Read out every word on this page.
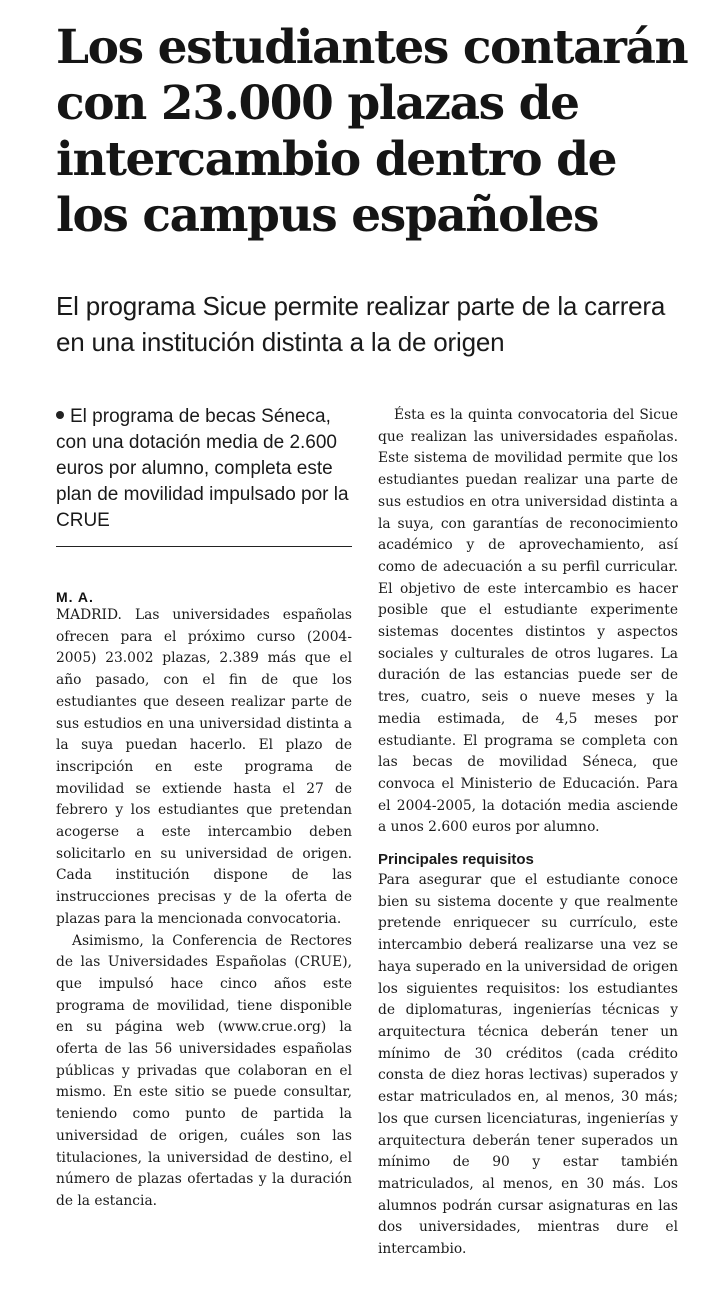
Los estudiantes contarán con 23.000 plazas de intercambio dentro de los campus españoles
El programa Sicue permite realizar parte de la carrera en una institución distinta a la de origen

El programa de becas Séneca, con una dotación media de 2.600 euros por alumno, completa este plan de movilidad impulsado por la CRUE

M. A.

MADRID. Las universidades españolas ofrecen para el próximo curso (2004-2005) 23.002 plazas, 2.389 más que el año pasado, con el fin de que los estudiantes que deseen realizar parte de sus estudios en una universidad distinta a la suya puedan hacerlo. El plazo de inscripción en este programa de movilidad se extiende hasta el 27 de febrero y los estudiantes que pretendan acogerse a este intercambio deben solicitarlo en su universidad de origen. Cada institución dispone de las instrucciones precisas y de la oferta de plazas para la mencionada convocatoria.

Asimismo, la Conferencia de Rectores de las Universidades Españolas (CRUE), que impulsó hace cinco años este programa de movilidad, tiene disponible en su página web (www.crue.org) la oferta de las 56 universidades españolas públicas y privadas que colaboran en el mismo. En este sitio se puede consultar, teniendo como punto de partida la universidad de origen, cuáles son las titulaciones, la universidad de destino, el número de plazas ofertadas y la duración de la estancia.

Ésta es la quinta convocatoria del Sicue que realizan las universidades españolas. Este sistema de movilidad permite que los estudiantes puedan realizar una parte de sus estudios en otra universidad distinta a la suya, con garantías de reconocimiento académico y de aprovechamiento, así como de adecuación a su perfil curricular. El objetivo de este intercambio es hacer posible que el estudiante experimente sistemas docentes distintos y aspectos sociales y culturales de otros lugares. La duración de las estancias puede ser de tres, cuatro, seis o nueve meses y la media estimada, de 4,5 meses por estudiante. El programa se completa con las becas de movilidad Séneca, que convoca el Ministerio de Educación. Para el 2004-2005, la dotación media asciende a unos 2.600 euros por alumno.

Principales requisitos

Para asegurar que el estudiante conoce bien su sistema docente y que realmente pretende enriquecer su currículo, este intercambio deberá realizarse una vez se haya superado en la universidad de origen los siguientes requisitos: los estudiantes de diplomaturas, ingenierías técnicas y arquitectura técnica deberán tener un mínimo de 30 créditos (cada crédito consta de diez horas lectivas) superados y estar matriculados en, al menos, 30 más; los que cursen licenciaturas, ingenierías y arquitectura deberán tener superados un mínimo de 90 y estar también matriculados, al menos, en 30 más. Los alumnos podrán cursar asignaturas en las dos universidades, mientras dure el intercambio.
